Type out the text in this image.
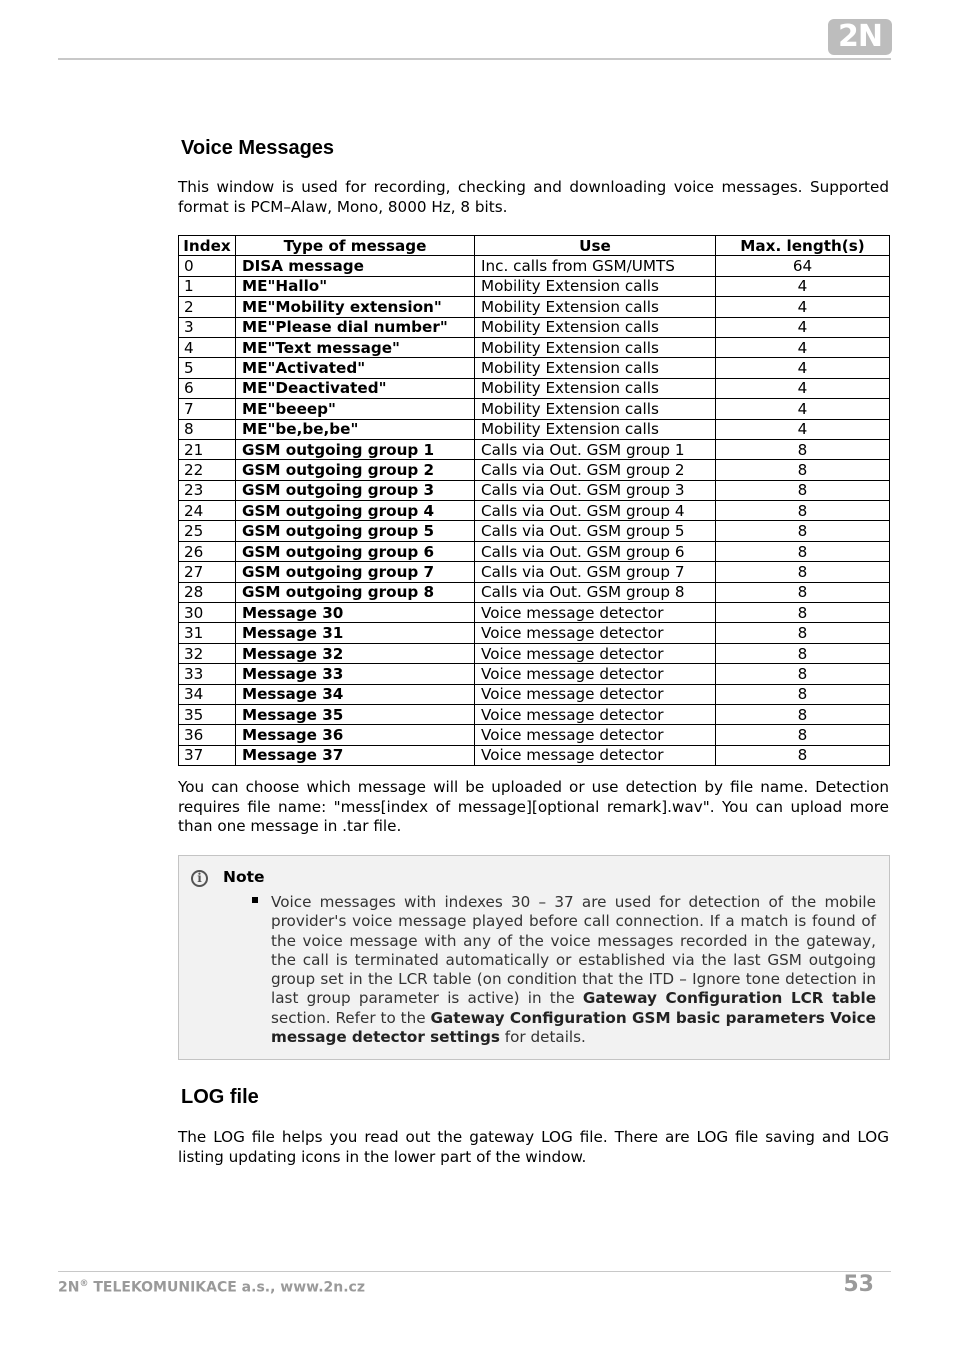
2N
Voice Messages

This window is used for recording, checking and downloading voice messages. Supported format is PCM–Alaw, Mono, 8000 Hz, 8 bits.

Index	Type of message	Use	Max. length(s)
0	DISA message	Inc. calls from GSM/UMTS	64
1	ME"Hallo"	Mobility Extension calls	4
2	ME"Mobility extension"	Mobility Extension calls	4
3	ME"Please dial number"	Mobility Extension calls	4
4	ME"Text message"	Mobility Extension calls	4
5	ME"Activated"	Mobility Extension calls	4
6	ME"Deactivated"	Mobility Extension calls	4
7	ME"beeep"	Mobility Extension calls	4
8	ME"be,be,be"	Mobility Extension calls	4
21	GSM outgoing group 1	Calls via Out. GSM group 1	8
22	GSM outgoing group 2	Calls via Out. GSM group 2	8
23	GSM outgoing group 3	Calls via Out. GSM group 3	8
24	GSM outgoing group 4	Calls via Out. GSM group 4	8
25	GSM outgoing group 5	Calls via Out. GSM group 5	8
26	GSM outgoing group 6	Calls via Out. GSM group 6	8
27	GSM outgoing group 7	Calls via Out. GSM group 7	8
28	GSM outgoing group 8	Calls via Out. GSM group 8	8
30	Message 30	Voice message detector	8
31	Message 31	Voice message detector	8
32	Message 32	Voice message detector	8
33	Message 33	Voice message detector	8
34	Message 34	Voice message detector	8
35	Message 35	Voice message detector	8
36	Message 36	Voice message detector	8
37	Message 37	Voice message detector	8

You can choose which message will be uploaded or use detection by file name. Detection requires file name: "mess[index of message][optional remark].wav". You can upload more than one message in .tar file.

i	Note

Voice messages with indexes 30 – 37 are used for detection of the mobile provider's voice message played before call connection. If a match is found of the voice message with any of the voice messages recorded in the gateway, the call is terminated automatically or established via the last GSM outgoing group set in the LCR table (on condition that the ITD – Ignore tone detection in last group parameter is active) in the Gateway Configuration LCR table section. Refer to the Gateway Configuration GSM basic parameters Voice message detector settings for details.

LOG file

The LOG file helps you read out the gateway LOG file. There are LOG file saving and LOG listing updating icons in the lower part of the window.

2N® TELEKOMUNIKACE a.s., www.2n.cz	53
